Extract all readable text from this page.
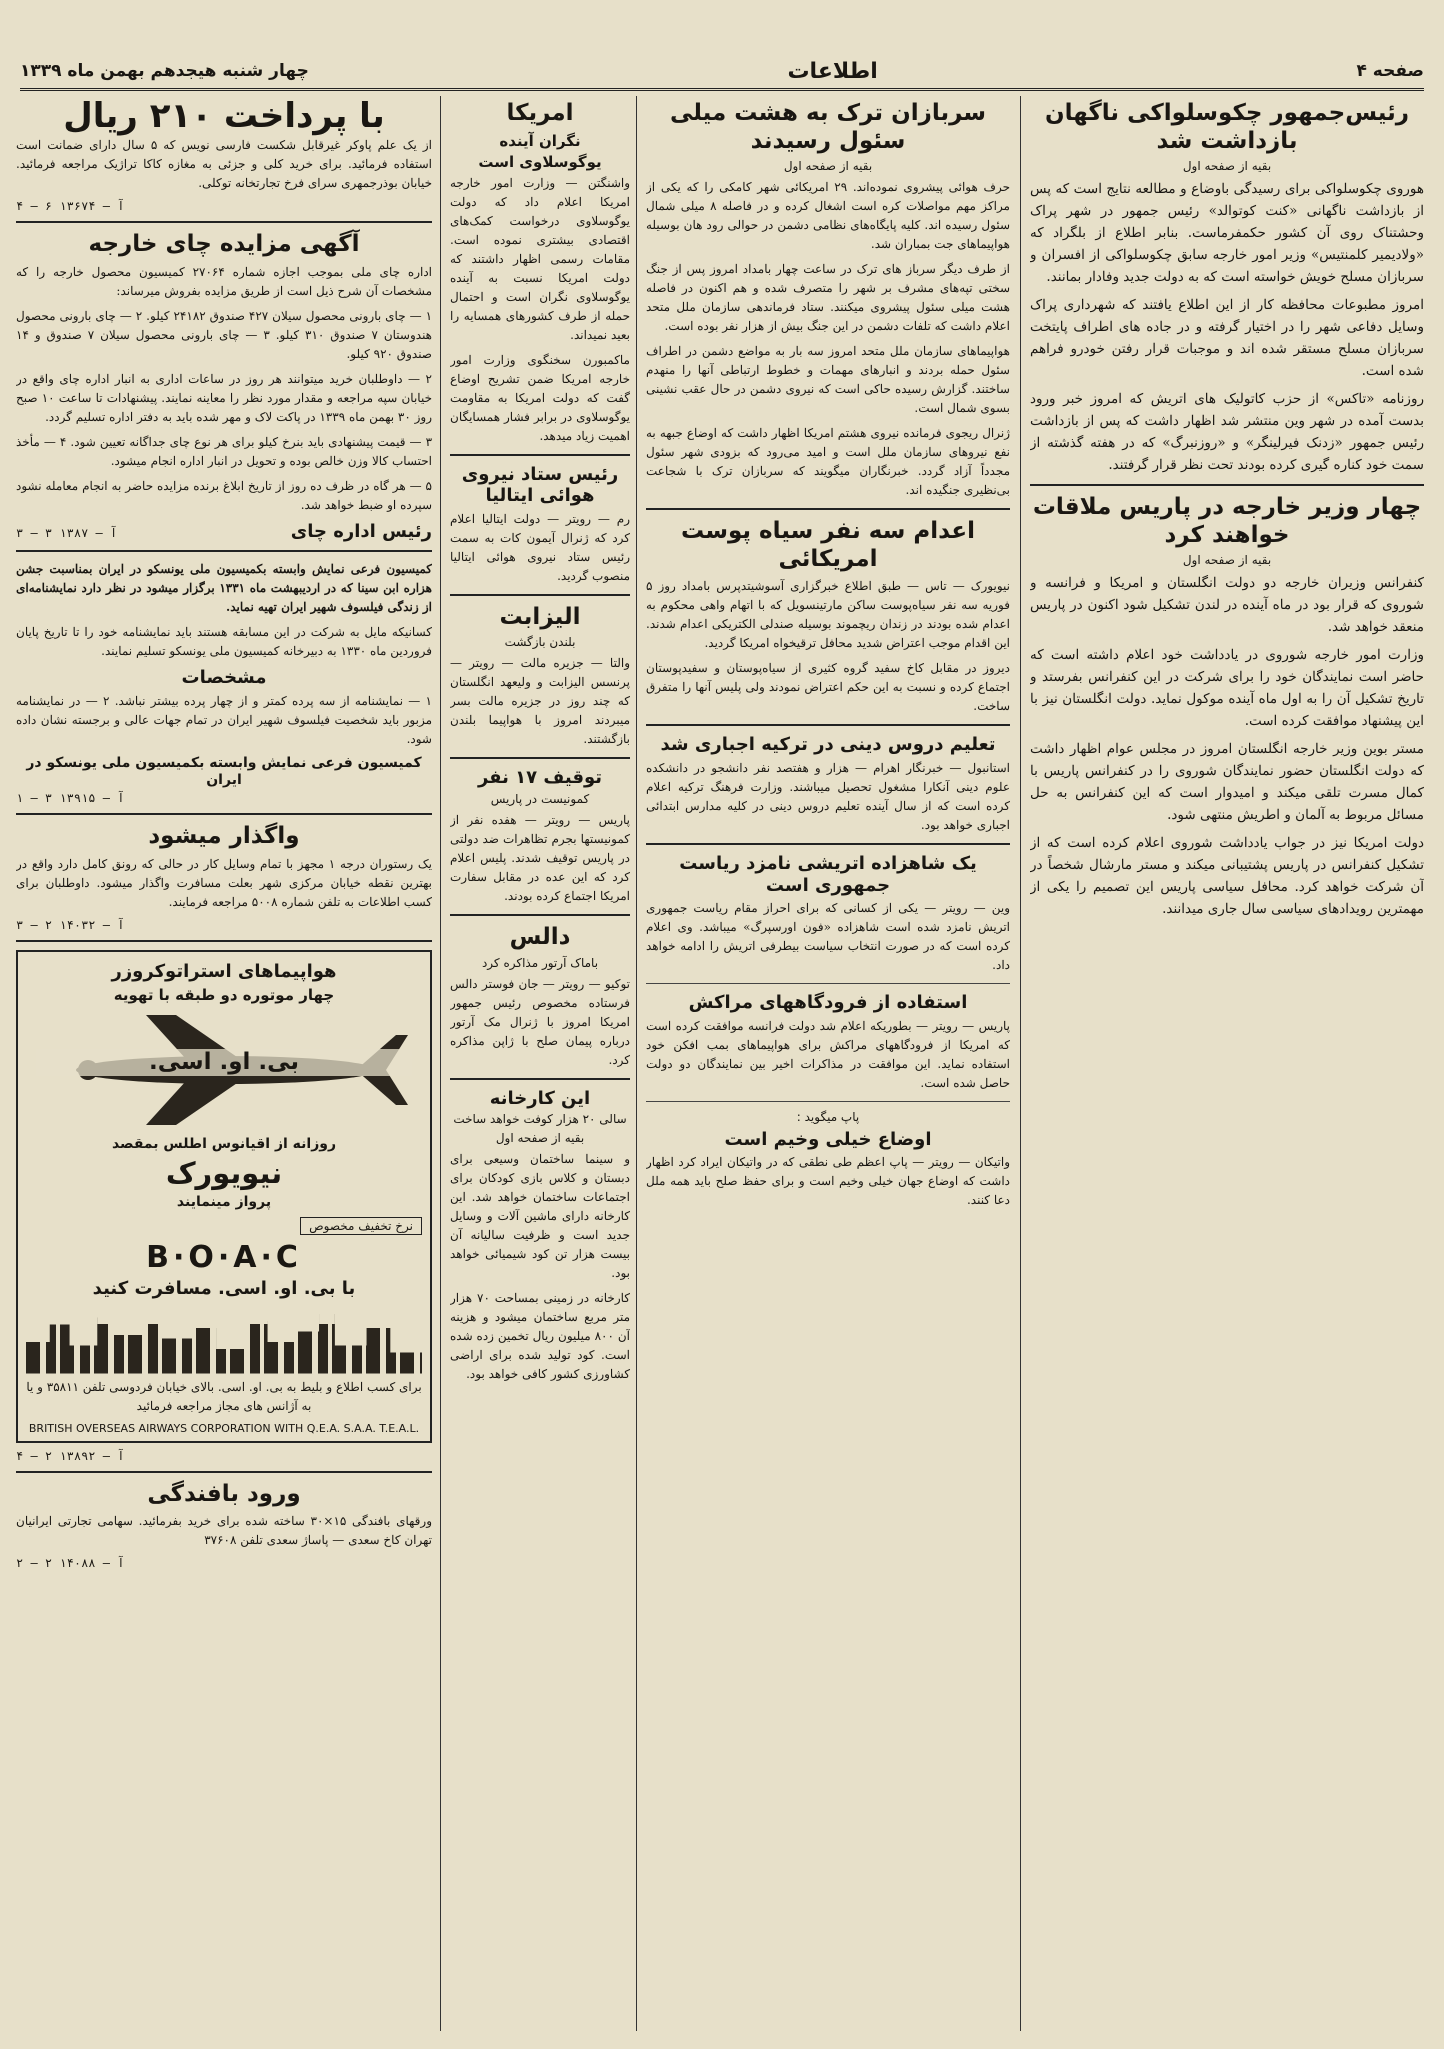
صفحه ۴
اطلاعات
چهار شنبه هیجدهم بهمن ماه ۱۳۳۹
رئیس‌جمهور چکوسلواکی ناگهان بازداشت شد
بقیه از صفحه اول

هوروی چکوسلواکی برای رسیدگی باوضاع و مطالعه نتایج است که پس از بازداشت ناگهانی «کنت کوتوالد» رئیس جمهور در شهر پراک وحشتناک روی آن کشور حکمفرماست. بنابر اطلاع از بلگراد که «ولادیمیر کلمنتیس» وزیر امور خارجه سابق چکوسلواکی از افسران و سربازان مسلح خویش خواسته است که به دولت جدید وفادار بمانند.

امروز مطبوعات محافظه کار از این اطلاع یافتند که شهرداری پراک وسایل دفاعی شهر را در اختیار گرفته و در جاده های اطراف پایتخت سربازان مسلح مستقر شده اند و موجبات قرار رفتن خودرو فراهم شده است.

روزنامه «تاکس» از حزب کاتولیک های اتریش که امروز خبر ورود بدست آمده در شهر وین منتشر شد اظهار داشت که پس از بازداشت رئیس جمهور «زدنک فیرلینگر» و «روزنبرگ» که در هفته گذشته از سمت خود کناره گیری کرده بودند تحت نظر قرار گرفتند.

چهار وزیر خارجه در پاریس ملاقات خواهند کرد
بقیه از صفحه اول

کنفرانس وزیران خارجه دو دولت انگلستان و امریکا و فرانسه و شوروی که قرار بود در ماه آینده در لندن تشکیل شود اکنون در پاریس منعقد خواهد شد.

وزارت امور خارجه شوروی در یادداشت خود اعلام داشته است که حاضر است نمایندگان خود را برای شرکت در این کنفرانس بفرستد و تاریخ تشکیل آن را به اول ماه آینده موکول نماید. دولت انگلستان نیز با این پیشنهاد موافقت کرده است.

مستر بوین وزیر خارجه انگلستان امروز در مجلس عوام اظهار داشت که دولت انگلستان حضور نمایندگان شوروی را در کنفرانس پاریس با کمال مسرت تلقی میکند و امیدوار است که این کنفرانس به حل مسائل مربوط به آلمان و اطریش منتهی شود.

دولت امریکا نیز در جواب یادداشت شوروی اعلام کرده است که از تشکیل کنفرانس در پاریس پشتیبانی میکند و مستر مارشال شخصاً در آن شرکت خواهد کرد. محافل سیاسی پاریس این تصمیم را یکی از مهمترین رویدادهای سیاسی سال جاری میدانند.

سربازان ترک به هشت میلی سئول رسیدند
بقیه از صفحه اول

حرف هوائی پیشروی نموده‌اند. ۲۹ امریکائی شهر کامکی را که یکی از مراکز مهم مواصلات کره است اشغال کرده و در فاصله ۸ میلی شمال سئول رسیده اند. کلیه پایگاه‌های نظامی دشمن در حوالی رود هان بوسیله هواپیماهای جت بمباران شد.

از طرف دیگر سرباز های ترک در ساعت چهار بامداد امروز پس از جنگ سختی تپه‌های مشرف بر شهر را متصرف شده و هم اکنون در فاصله هشت میلی سئول پیشروی میکنند. ستاد فرماندهی سازمان ملل متحد اعلام داشت که تلفات دشمن در این جنگ بیش از هزار نفر بوده است.

هواپیماهای سازمان ملل متحد امروز سه بار به مواضع دشمن در اطراف سئول حمله بردند و انبارهای مهمات و خطوط ارتباطی آنها را منهدم ساختند. گزارش رسیده حاکی است که نیروی دشمن در حال عقب نشینی بسوی شمال است.

ژنرال ریجوی فرمانده نیروی هشتم امریکا اظهار داشت که اوضاع جبهه به نفع نیروهای سازمان ملل است و امید می‌رود که بزودی شهر سئول مجدداً آزاد گردد. خبرنگاران میگویند که سربازان ترک با شجاعت بی‌نظیری جنگیده اند.

اعدام سه نفر سیاه پوست امریکائی

نیویورک — تاس — طبق اطلاع خبرگزاری آسوشیتدپرس بامداد روز ۵ فوریه سه نفر سیاه‌پوست ساکن مارتینسویل که با اتهام واهی محکوم به اعدام شده بودند در زندان ریچموند بوسیله صندلی الکتریکی اعدام شدند. این اقدام موجب اعتراض شدید محافل ترقیخواه امریکا گردید.

دیروز در مقابل کاخ سفید گروه کثیری از سیاه‌پوستان و سفیدپوستان اجتماع کرده و نسبت به این حکم اعتراض نمودند ولی پلیس آنها را متفرق ساخت.

تعلیم دروس دینی در ترکیه اجباری شد

استانبول — خبرنگار اهرام — هزار و هفتصد نفر دانشجو در دانشکده علوم دینی آنکارا مشغول تحصیل میباشند. وزارت فرهنگ ترکیه اعلام کرده است که از سال آینده تعلیم دروس دینی در کلیه مدارس ابتدائی اجباری خواهد بود.

یک شاهزاده اتریشی نامزد ریاست جمهوری است

وین — رویتر — یکی از کسانی که برای احراز مقام ریاست جمهوری اتریش نامزد شده است شاهزاده «فون اورسپرگ» میباشد. وی اعلام کرده است که در صورت انتخاب سیاست بیطرفی اتریش را ادامه خواهد داد.

استفاده از فرودگاههای مراکش

پاریس — رویتر — بطوریکه اعلام شد دولت فرانسه موافقت کرده است که امریکا از فرودگاههای مراکش برای هواپیماهای بمب افکن خود استفاده نماید. این موافقت در مذاکرات اخیر بین نمایندگان دو دولت حاصل شده است.

پاپ میگوید :
اوضاع خیلی وخیم است

واتیکان — رویتر — پاپ اعظم طی نطقی که در واتیکان ایراد کرد اظهار داشت که اوضاع جهان خیلی وخیم است و برای حفظ صلح باید همه ملل دعا کنند.

امریکا
نگران آینده
یوگوسلاوی است

واشنگتن — وزارت امور خارجه امریکا اعلام داد که دولت یوگوسلاوی درخواست کمک‌های اقتصادی بیشتری نموده است. مقامات رسمی اظهار داشتند که دولت امریکا نسبت به آینده یوگوسلاوی نگران است و احتمال حمله از طرف کشورهای همسایه را بعید نمیداند.

ماکمبورن سخنگوی وزارت امور خارجه امریکا ضمن تشریح اوضاع گفت که دولت امریکا به مقاومت یوگوسلاوی در برابر فشار همسایگان اهمیت زیاد میدهد.

رئیس ستاد نیروی هوائی ایتالیا

رم — رویتر — دولت ایتالیا اعلام کرد که ژنرال آیمون کات به سمت رئیس ستاد نیروی هوائی ایتالیا منصوب گردید.

الیزابت
بلندن بازگشت

والتا — جزیره مالت — رویتر — پرنسس الیزابت و ولیعهد انگلستان که چند روز در جزیره مالت بسر میبردند امروز با هواپیما بلندن بازگشتند.

توقیف ۱۷ نفر
کمونیست در پاریس

پاریس — رویتر — هفده نفر از کمونیستها بجرم تظاهرات ضد دولتی در پاریس توقیف شدند. پلیس اعلام کرد که این عده در مقابل سفارت امریکا اجتماع کرده بودند.

دالس
باماک آرتور مذاکره کرد

توکیو — رویتر — جان فوستر دالس فرستاده مخصوص رئیس جمهور امریکا امروز با ژنرال مک آرتور درباره پیمان صلح با ژاپن مذاکره کرد.

این کارخانه
سالی ۲۰ هزار کوفت خواهد ساخت
بقیه از صفحه اول

و سینما ساختمان وسیعی برای دبستان و کلاس بازی کودکان برای اجتماعات ساختمان خواهد شد. این کارخانه دارای ماشین آلات و وسایل جدید است و ظرفیت سالیانه آن بیست هزار تن کود شیمیائی خواهد بود.

کارخانه در زمینی بمساحت ۷۰ هزار متر مربع ساختمان میشود و هزینه آن ۸۰۰ میلیون ریال تخمین زده شده است. کود تولید شده برای اراضی کشاورزی کشور کافی خواهد بود.

با پرداخت ۲۱۰ ریال

از یک علم پاوکر غیرقابل شکست فارسی نویس که ۵ سال دارای ضمانت است استفاده فرمائید. برای خرید کلی و جزئی به مغازه کاکا تراژیک مراجعه فرمائید. خیابان بوذرجمهری سرای فرخ تجارتخانه توکلی.

آ — ۱۳۶۷۴ ۶ — ۴
آگهی مزایده چای خارجه

اداره چای ملی بموجب اجازه شماره ۲۷۰۶۴ کمیسیون محصول خارجه را که مشخصات آن شرح ذیل است از طریق مزایده بفروش میرساند:

۱ — چای بارونی محصول سیلان ۴۲۷ صندوق ۲۴۱۸۲ کیلو. ۲ — چای بارونی محصول هندوستان ۷ صندوق ۳۱۰ کیلو. ۳ — چای بارونی محصول سیلان ۷ صندوق و ۱۴ صندوق ۹۲۰ کیلو.

۲ — داوطلبان خرید میتوانند هر روز در ساعات اداری به انبار اداره چای واقع در خیابان سپه مراجعه و مقدار مورد نظر را معاینه نمایند. پیشنهادات تا ساعت ۱۰ صبح روز ۳۰ بهمن ماه ۱۳۳۹ در پاکت لاک و مهر شده باید به دفتر اداره تسلیم گردد.

۳ — قیمت پیشنهادی باید بنرخ کیلو برای هر نوع چای جداگانه تعیین شود. ۴ — مأخذ احتساب کالا وزن خالص بوده و تحویل در انبار اداره انجام میشود.

۵ — هر گاه در ظرف ده روز از تاریخ ابلاغ برنده مزایده حاضر به انجام معامله نشود سپرده او ضبط خواهد شد.

رئیس اداره چای
آ — ۱۳۸۷ ۳ — ۳

کمیسیون فرعی نمایش وابسته بکمیسیون ملی یونسکو در ایران بمناسبت جشن هزاره ابن سینا که در اردیبهشت ماه ۱۳۳۱ برگزار میشود در نظر دارد نمایشنامه‌ای از زندگی فیلسوف شهیر ایران تهیه نماید.

کسانیکه مایل به شرکت در این مسابقه هستند باید نمایشنامه خود را تا تاریخ پایان فروردین ماه ۱۳۳۰ به دبیرخانه کمیسیون ملی یونسکو تسلیم نمایند.

مشخصات

۱ — نمایشنامه از سه پرده کمتر و از چهار پرده بیشتر نباشد. ۲ — در نمایشنامه مزبور باید شخصیت فیلسوف شهیر ایران در تمام جهات عالی و برجسته نشان داده شود.

کمیسیون فرعی نمایش وابسته بکمیسیون ملی یونسکو در ایران
آ — ۱۳۹۱۵ ۳ — ۱
واگذار میشود

یک رستوران درجه ۱ مجهز با تمام وسایل کار در حالی که رونق کامل دارد واقع در بهترین نقطه خیابان مرکزی شهر بعلت مسافرت واگذار میشود. داوطلبان برای کسب اطلاعات به تلفن شماره ۵۰۰۸ مراجعه فرمایند.

آ — ۱۴۰۳۲ ۲ — ۳
هواپیماهای استراتوکروزر
چهار موتوره دو طبقه با تهویه
بی. او. اسی.
روزانه از اقیانوس اطلس بمقصد
نیویورک
پرواز مینمایند
نرخ تخفیف مخصوص
B·O·A·C
با بی. او. اسی. مسافرت کنید

برای کسب اطلاع و بلیط به بی. او. اسی. بالای خیابان فردوسی تلفن ۳۵۸۱۱ و یا به آژانس های مجاز مراجعه فرمائید

BRITISH OVERSEAS AIRWAYS CORPORATION WITH Q.E.A. S.A.A. T.E.A.L.
آ — ۱۳۸۹۲ ۲ — ۴
ورود بافندگی

ورقهای بافندگی ۱۵×۳۰ ساخته شده برای خرید بفرمائید. سهامی تجارتی ایرانیان تهران کاخ سعدی — پاساژ سعدی تلفن ۳۷۶۰۸

آ — ۱۴۰۸۸ ۲ — ۲
